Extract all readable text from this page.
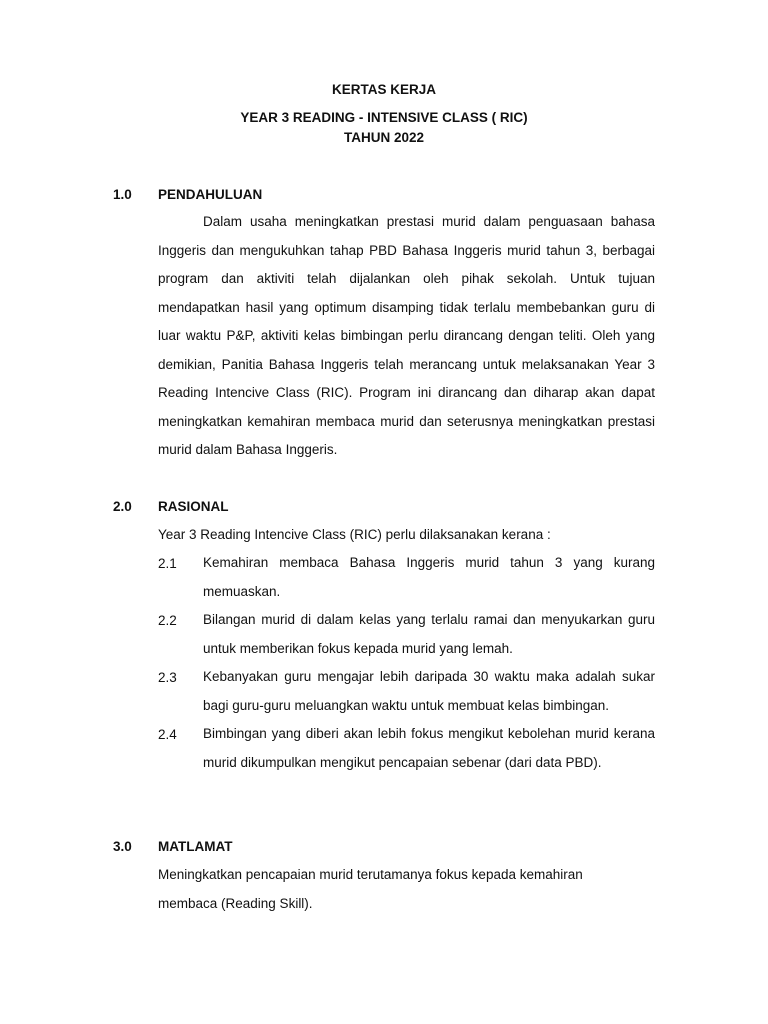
KERTAS KERJA
YEAR 3 READING - INTENSIVE CLASS ( RIC)
TAHUN 2022
1.0 PENDAHULUAN

Dalam usaha meningkatkan prestasi murid dalam penguasaan bahasa Inggeris dan mengukuhkan tahap PBD Bahasa Inggeris murid tahun 3, berbagai program dan aktiviti telah dijalankan oleh pihak sekolah. Untuk tujuan mendapatkan hasil yang optimum disamping tidak terlalu membebankan guru di luar waktu P&P, aktiviti kelas bimbingan perlu dirancang dengan teliti. Oleh yang demikian, Panitia Bahasa Inggeris telah merancang untuk melaksanakan Year 3 Reading Intencive Class (RIC). Program ini dirancang dan diharap akan dapat meningkatkan kemahiran membaca murid dan seterusnya meningkatkan prestasi murid dalam Bahasa Inggeris.

2.0 RASIONAL

Year 3 Reading Intencive Class (RIC) perlu dilaksanakan kerana :

2.1 Kemahiran membaca Bahasa Inggeris murid tahun 3 yang kurang memuaskan.

2.2 Bilangan murid di dalam kelas yang terlalu ramai dan menyukarkan guru untuk memberikan fokus kepada murid yang lemah.

2.3 Kebanyakan guru mengajar lebih daripada 30 waktu maka adalah sukar bagi guru-guru meluangkan waktu untuk membuat kelas bimbingan.

2.4 Bimbingan yang diberi akan lebih fokus mengikut kebolehan murid kerana murid dikumpulkan mengikut pencapaian sebenar (dari data PBD).

3.0 MATLAMAT

Meningkatkan pencapaian murid terutamanya fokus kepada kemahiran

membaca (Reading Skill).
